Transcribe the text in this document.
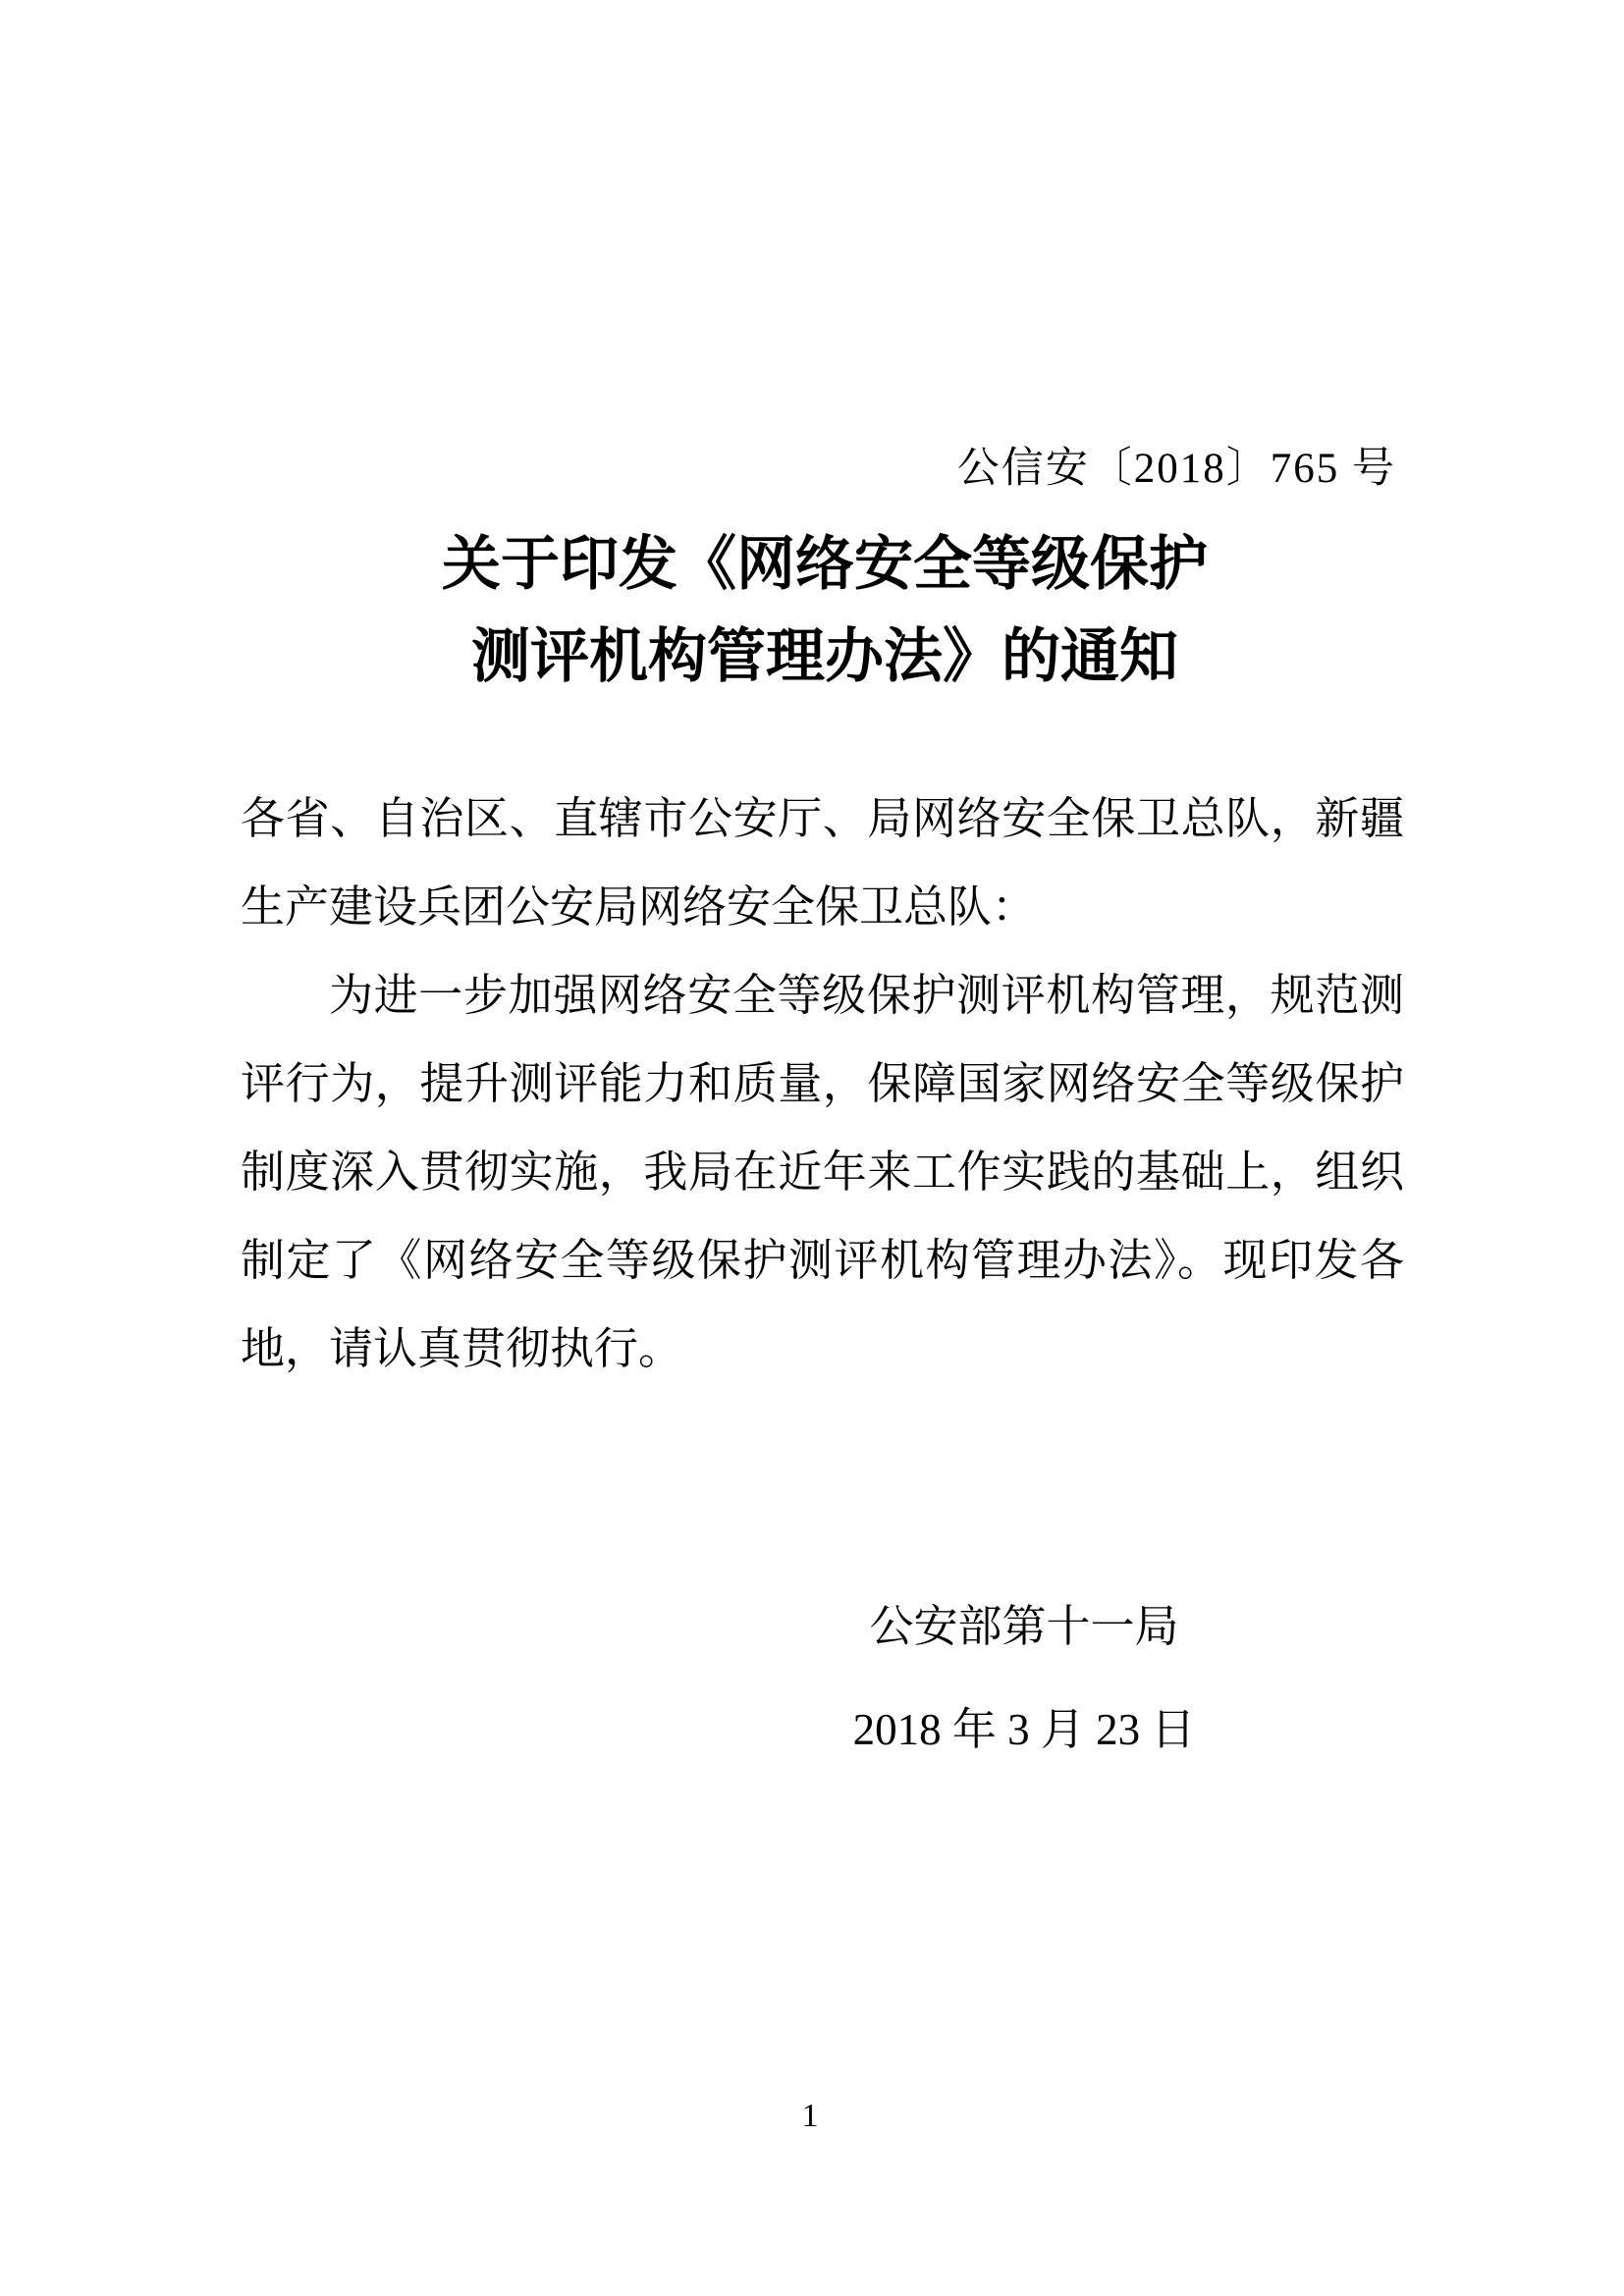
公信安〔2018〕765 号
关于印发《网络安全等级保护
测评机构管理办法》的通知

各省、自治区、直辖市公安厅、局网络安全保卫总队，新疆
生产建设兵团公安局网络安全保卫总队：

为进一步加强网络安全等级保护测评机构管理，规范测
评行为，提升测评能力和质量，保障国家网络安全等级保护
制度深入贯彻实施，我局在近年来工作实践的基础上，组织
制定了《网络安全等级保护测评机构管理办法》。现印发各
地，请认真贯彻执行。

公安部第十一局
2018 年 3 月 23 日
1
